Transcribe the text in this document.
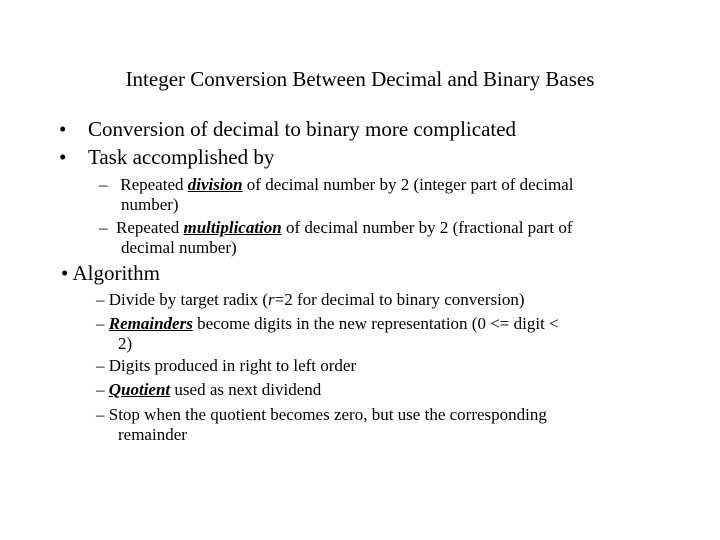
Integer Conversion Between Decimal and Binary Bases
• Conversion of decimal to binary more complicated
• Task accomplished by
– Repeated division of decimal number by 2 (integer part of decimal
number)
– Repeated multiplication of decimal number by 2 (fractional part of
decimal number)
• Algorithm
– Divide by target radix (r=2 for decimal to binary conversion)
– Remainders become digits in the new representation (0 <= digit <
2)
– Digits produced in right to left order
– Quotient used as next dividend
– Stop when the quotient becomes zero, but use the corresponding
remainder
